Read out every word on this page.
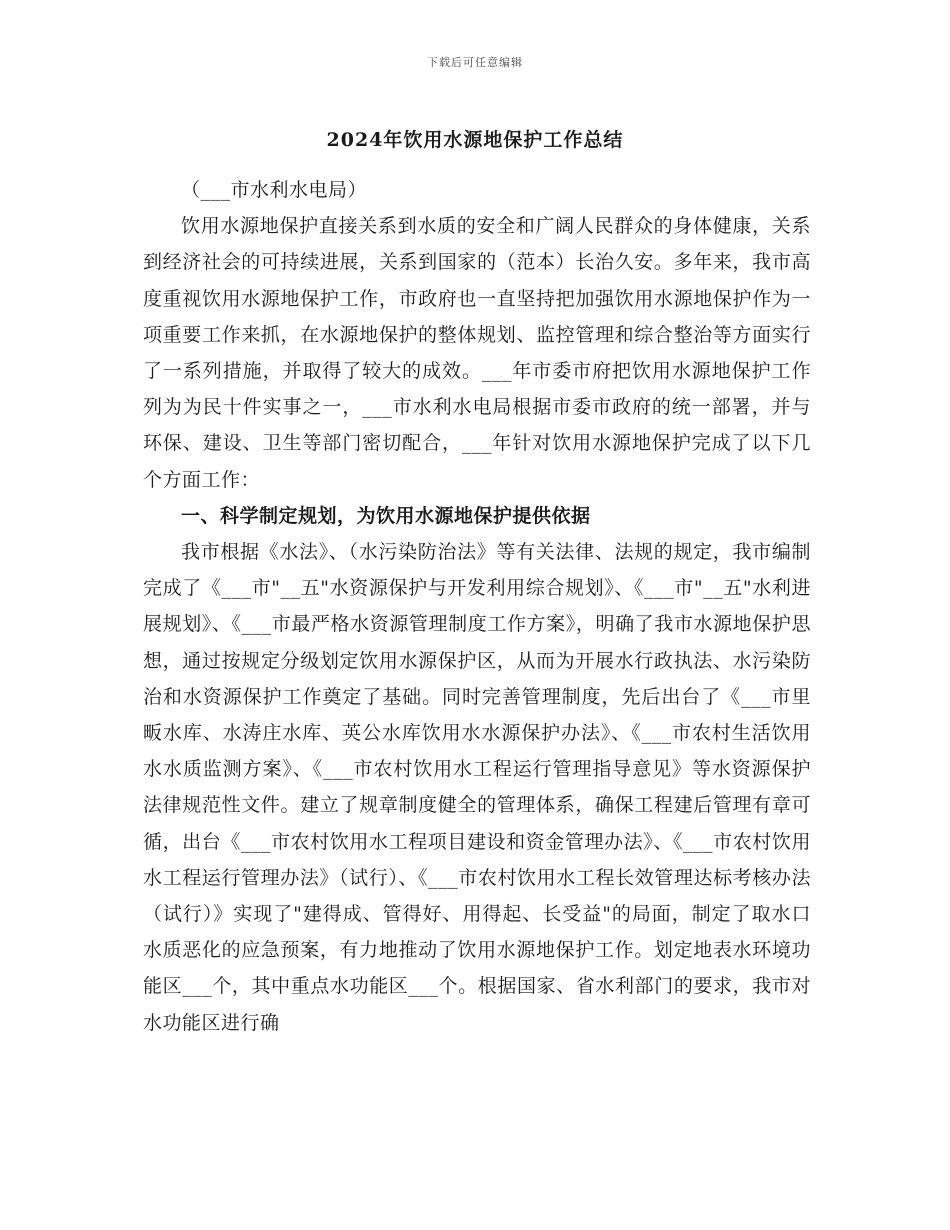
下载后可任意编辑
2024年饮用水源地保护工作总结

（___市水利水电局）

饮用水源地保护直接关系到水质的安全和广阔人民群众的身体健康，关系到经济社会的可持续进展，关系到国家的（范本）长治久安。多年来，我市高度重视饮用水源地保护工作，市政府也一直坚持把加强饮用水源地保护作为一项重要工作来抓，在水源地保护的整体规划、监控管理和综合整治等方面实行了一系列措施，并取得了较大的成效。___年市委市府把饮用水源地保护工作列为为民十件实事之一，___市水利水电局根据市委市政府的统一部署，并与环保、建设、卫生等部门密切配合，___年针对饮用水源地保护完成了以下几个方面工作：

一、科学制定规划，为饮用水源地保护提供依据

我市根据《水法》、（水污染防治法》等有关法律、法规的规定，我市编制完成了《___市"__五"水资源保护与开发利用综合规划》、《___市"__五"水利进展规划》、《___市最严格水资源管理制度工作方案》，明确了我市水源地保护思想，通过按规定分级划定饮用水源保护区，从而为开展水行政执法、水污染防治和水资源保护工作奠定了基础。同时完善管理制度，先后出台了《___市里畈水库、水涛庄水库、英公水库饮用水水源保护办法》、《___市农村生活饮用水水质监测方案》、《___市农村饮用水工程运行管理指导意见》等水资源保护法律规范性文件。建立了规章制度健全的管理体系，确保工程建后管理有章可循，出台《___市农村饮用水工程项目建设和资金管理办法》、《___市农村饮用水工程运行管理办法》（试行）、《___市农村饮用水工程长效管理达标考核办法（试行）》实现了"建得成、管得好、用得起、长受益"的局面，制定了取水口水质恶化的应急预案，有力地推动了饮用水源地保护工作。划定地表水环境功能区___个，其中重点水功能区___个。根据国家、省水利部门的要求，我市对水功能区进行确
